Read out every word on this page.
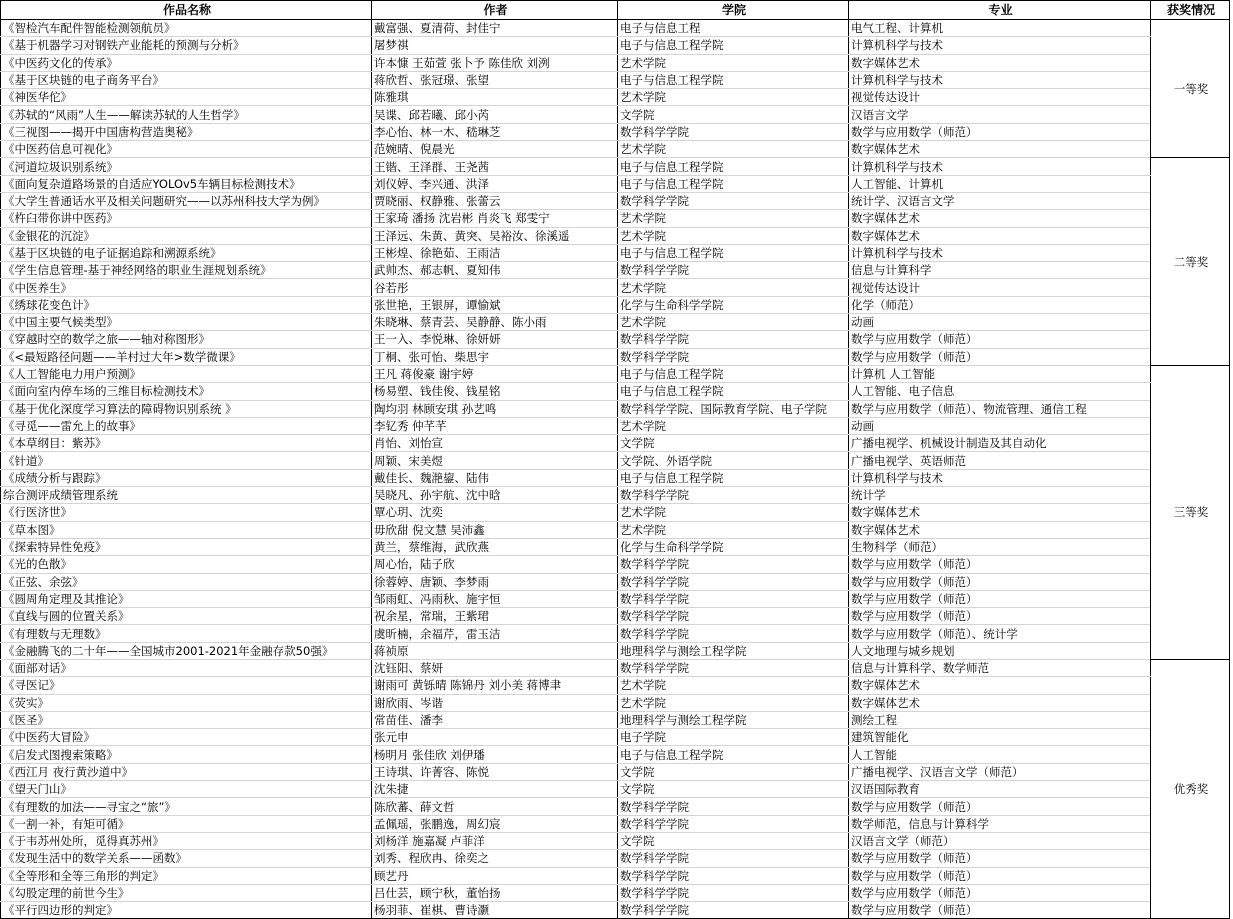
作品名称	作者	学院	专业	获奖情况
《智检汽车配件智能检测领航员》	戴富强、夏清荷、封佳宁	电子与信息工程	电气工程、计算机	一等奖
《基于机器学习对钢铁产业能耗的预测与分析》	屠梦祺	电子与信息工程学院	计算机科学与技术	
《中医药文化的传承》	许本慷 王茹萱 张卜予 陈佳欣 刘洌	艺术学院	数字媒体艺术	
《基于区块链的电子商务平台》	蒋欣哲、张冠璟、张望	电子与信息工程学院	计算机科学与技术	
《神医华佗》	陈雅琪	艺术学院	视觉传达设计	
《苏轼的“风雨”人生——解读苏轼的人生哲学》	吴谍、邱若曦、邱小芮	文学院	汉语言文学	
《三视图——揭开中国唐构营造奥秘》	李心怡、林一木、嵇琳芝	数学科学学院	数学与应用数学（师范）	
《中医药信息可视化》	范婉晴、倪晨光	艺术学院	数字媒体艺术	
《河道垃圾识别系统》	王锴、王泽群、王尧茜	电子与信息工程学院	计算机科学与技术	二等奖
《面向复杂道路场景的自适应YOLOv5车辆目标检测技术》	刘仪婷、李兴通、洪泽	电子与信息工程学院	人工智能、计算机	
《大学生普通话水平及相关问题研究——以苏州科技大学为例》	贾晓丽、权静雅、张蕾云	数学科学学院	统计学、汉语言文学	
《杵臼带你讲中医药》	王家琦 潘扬 沈岩彬 肖炎飞 郑雯宁	艺术学院	数字媒体艺术	
《金银花的沉淀》	王泽远、朱黄、黄突、吴裕汝、徐溪遥	艺术学院	数字媒体艺术	
《基于区块链的电子证据追踪和溯源系统》	王彬煌、徐艳茹、王雨洁	电子与信息工程学院	计算机科学与技术	
《学生信息管理-基于神经网络的职业生涯规划系统》	武帅杰、郝志帆、夏知伟	数学科学学院	信息与计算科学	
《中医养生》	谷若彤	艺术学院	视觉传达设计	
《绣球花变色计》	张世艳，王银屏，谭愉斌	化学与生命科学学院	化学（师范）	
《中国主要气候类型》	朱晓琳、蔡青芸、吴静静、陈小雨	艺术学院	动画	
《穿越时空的数学之旅——轴对称图形》	王一入、李悦琳、徐妍妍	数学科学学院	数学与应用数学（师范）	
《<最短路径问题——羊村过大年>数学微课》	丁桐、张可怡、柴思宇	数学科学学院	数学与应用数学（师范）	
《人工智能电力用户预测》	王凡 蒋俊豪 谢宇婷	电子与信息工程学院	计算机 人工智能	三等奖
《面向室内停车场的三维目标检测技术》	杨易塑、钱佳俊、钱星铭	电子与信息工程学院	人工智能、电子信息	
《基于优化深度学习算法的障碍物识别系统 》	陶均羽 林顾安琪 孙艺鸣	数学科学学院、国际教育学院、电子学院	数学与应用数学（师范）、物流管理、通信工程	
《寻觅——雷允上的故事》	李钇秀 仲芊芊	艺术学院	动画	
《本草纲目：紫苏》	肖怡、刘怡宣	文学院	广播电视学、机械设计制造及其自动化	
《针道》	周颖、宋美煜	文学院、外语学院	广播电视学、英语师范	
《成绩分析与跟踪》	戴佳长、魏滟鋆、陆伟	电子与信息工程学院	计算机科学与技术	
综合测评成绩管理系统	吴晓凡、孙宇航、沈中晗	数学科学学院	统计学	
《行医济世》	覃心玥、沈奕	艺术学院	数字媒体艺术	
《草本图》	毋欣甜 倪文慧 吴沛鑫	艺术学院	数字媒体艺术	
《探索特异性免疫》	黄兰，蔡维海，武欣燕	化学与生命科学学院	生物科学（师范）	
《光的色散》	周心怡，陆子欣	数学科学学院	数学与应用数学（师范）	
《正弦、余弦》	徐蓉婷、唐颖、李梦雨	数学科学学院	数学与应用数学（师范）	
《圆周角定理及其推论》	邹雨虹、冯雨秋、施宇恒	数学科学学院	数学与应用数学（师范）	
《直线与圆的位置关系》	祝余星，常瑞，王紫珺	数学科学学院	数学与应用数学（师范）	
《有理数与无理数》	虞昕楠，余福芹，雷玉洁	数学科学学院	数学与应用数学（师范）、统计学	
《金融腾飞的二十年——全国城市2001-2021年金融存款50强》	蒋祯原	地理科学与测绘工程学院	人文地理与城乡规划	
《面部对话》	沈钰阳、蔡妍	数学科学学院	信息与计算科学、数学师范	优秀奖
《寻医记》	谢雨可 黄铄晴 陈锦丹 刘小美 蒋博聿	艺术学院	数字媒体艺术	
《荧实》	谢欣雨、岑谐	艺术学院	数字媒体艺术	
《医圣》	常苗佳、潘李	地理科学与测绘工程学院	测绘工程	
《中医药大冒险》	张元申	电子学院	建筑智能化	
《启发式图搜索策略》	杨明月 张佳欣 刘伊璠	电子与信息工程学院	人工智能	
《西江月 夜行黄沙道中》	王诗琪、许菁容、陈悦	文学院	广播电视学、汉语言文学（师范）	
《望天门山》	沈朱捷	文学院	汉语国际教育	
《有理数的加法——寻宝之“旅”》	陈欣蕃、薛文哲	数学科学学院	数学与应用数学（师范）	
《一割一补，有矩可循》	孟佩瑶，张鹏逸，周幻宸	数学科学学院	数学师范，信息与计算科学	
《于韦苏州处所，觅得真苏州》	刘杨洋 施嘉凝 卢菲洋	文学院	汉语言文学（师范）	
《发现生活中的数学关系——函数》	刘秀、程欣冉、徐奕之	数学科学学院	数学与应用数学（师范）	
《全等形和全等三角形的判定》	顾艺丹	数学科学学院	数学与应用数学（师范）	
《勾股定理的前世今生》	吕仕芸，顾宁秋，董怡扬	数学科学学院	数学与应用数学（师范）	
《平行四边形的判定》	杨羽菲、崔棋、曹诗灏	数学科学学院	数学与应用数学（师范）	
